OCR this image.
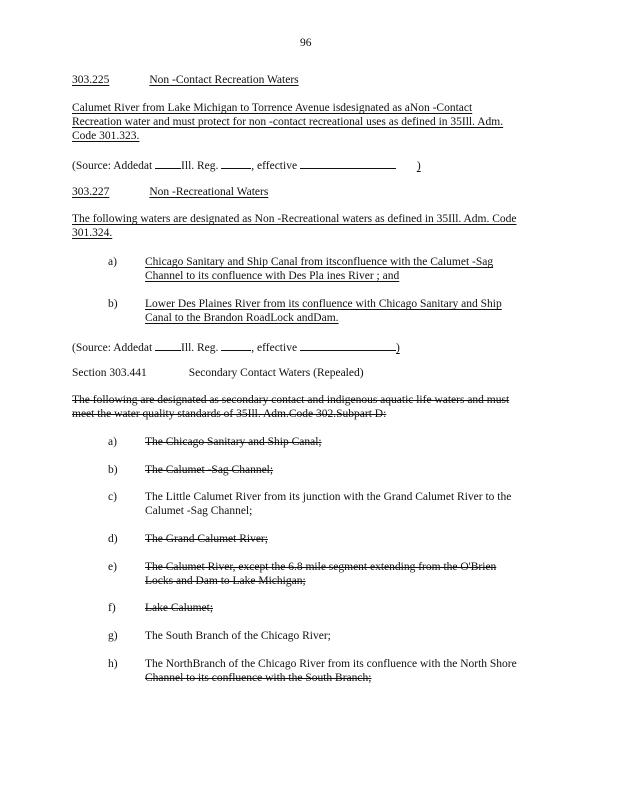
96
303.225	Non -Contact Recreation Waters
Calumet River from Lake Michigan to Torrence Avenue isdesignated as aNon -Contact
Recreation water and must protect for non -contact recreational uses as defined in 35Ill. Adm.
Code 301.323.
(Source: Addedat	Ill. Reg.	, effective	)
303.227	Non -Recreational Waters
The following waters are designated as Non -Recreational waters as defined in 35Ill. Adm. Code
301.324.
a) Chicago Sanitary and Ship Canal from itsconfluence with the Calumet -Sag
Channel to its confluence with Des Pla ines River ; and
b) Lower Des Plaines River from its confluence with Chicago Sanitary and Ship
Canal to the Brandon RoadLock andDam.
(Source: Addedat	Ill. Reg.	, effective	)
Section 303.441	Secondary Contact Waters (Repealed)
The following are designated as secondary contact and indigenous aquatic life waters and must
meet the water quality standards of 35Ill. Adm.Code 302.Subpart D:
a) The Chicago Sanitary and Ship Canal;
b) The Calumet -Sag Channel;
c) The Little Calumet River from its junction with the Grand Calumet River to the
Calumet -Sag Channel;
d) The Grand Calumet River;
e) The Calumet River, except the 6.8 mile segment extending from the O'Brien
Locks and Dam to Lake Michigan;
f)	Lake Calumet;
g) The South Branch of the Chicago River;
h) The NorthBranch of the Chicago River from its confluence with the North Shore
Channel to its confluence with the South Branch;
